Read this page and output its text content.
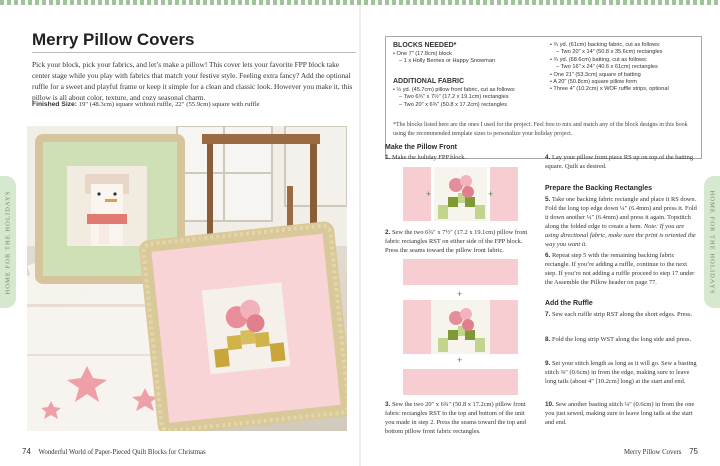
Merry Pillow Covers

Pick your block, pick your fabrics, and let’s make a pillow! This cover lets your favorite FPP block take center stage while you play with fabrics that match your festive style. Feeling extra fancy? Add the optional ruffle for a sweet and playful frame or keep it simple for a clean and classic look. However you make it, this pillow is all about color, texture, and cozy seasonal charm.

Finished Size: 19″ (48.3cm) square without ruffle, 22″ (55.9cm) square with ruffle
HOME FOR THE HOLIDAYS
74 Wonderful World of Paper-Pieced Quilt Blocks for Christmas
BLOCKS NEEDED*
• One 7″ (17.8cm) block
– 1 x Holly Berries or Happy Snowman
ADDITIONAL FABRIC
• ½ yd. (45.7cm) pillow front fabric, cut as follows:
– Two 6¾″ x 7½″ (17.2 x 19.1cm) rectangles
– Two 20″ x 6¾″ (50.8 x 17.2cm) rectangles
• ¾ yd. (61cm) backing fabric, cut as follows:
– Two 20″ x 14″ (50.8 x 35.6cm) rectangles
• ¾ yd. (68.6cm) batting, cut as follows:
– Two 16″ x 24″ (40.6 x 61cm) rectangles
• One 21″ (53.3cm) square of batting
• A 20″ (50.8cm) square pillow form
• Three 4″ (10.2cm) x WOF ruffle strips, optional

*The blocks listed here are the ones I used for the project. Feel free to mix and match any of the block designs in this book using the recommended template sizes to personalize your holiday project.

Make the Pillow Front
1. Make the holiday FPP block.
+	+
2. Sew the two 6¾″ x 7½″ (17.2 x 19.1cm) pillow front fabric rectangles RST on either side of the FPP block. Press the seams toward the pillow front fabric.
+
+
3. Sew the two 20″ x 6¾″ (50.8 x 17.2cm) pillow front fabric rectangles RST to the top and bottom of the unit you made in step 2. Press the seams toward the top and bottom pillow front fabric rectangles.
4. Lay your pillow front piece RS up on top of the batting square. Quilt as desired.
Prepare the Backing Rectangles
5. Take one backing fabric rectangle and place it RS down. Fold the long top edge down ¼″ (6.4mm) and press it. Fold it down another ¼″ (6.4mm) and press it again. Topstitch along the folded edge to create a hem. Note: If you are using directional fabric, make sure the print is oriented the way you want it.
6. Repeat step 5 with the remaining backing fabric rectangle. If you’re adding a ruffle, continue to the next step. If you’re not adding a ruffle proceed to step 17 under the Assemble the Pillow header on page 77.
Add the Ruffle
7. Sew each ruffle strip RST along the short edges. Press.
8. Fold the long strip WST along the long side and press.
9. Set your stitch length as long as it will go. Sew a basting stitch ⅜″ (0.6cm) in from the edge, making sure to leave long tails (about 4″ [10.2cm] long) at the start and end.
10. Sew another basting stitch ¼″ (0.6cm) in from the one you just sewed, making sure to leave long tails at the start and end.
HOME FOR THE HOLIDAYS
Merry Pillow Covers 75
